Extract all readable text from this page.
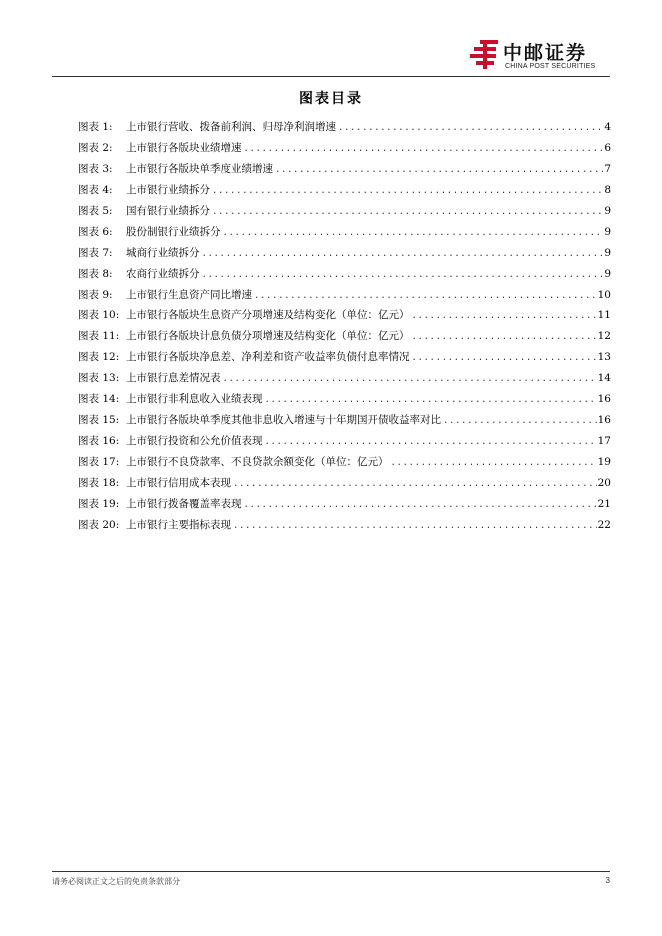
中邮证券
CHINA POST SECURITIES
图表目录
图表 1:	上市银行营收、拨备前利润、归母净利润增速 .....	4
图表 2:	上市银行各版块业绩增速 .....	6
图表 3:	上市银行各版块单季度业绩增速 .....	7
图表 4:	上市银行业绩拆分 .....	8
图表 5:	国有银行业绩拆分 .....	9
图表 6:	股份制银行业绩拆分 .....	9
图表 7:	城商行业绩拆分 .....	9
图表 8:	农商行业绩拆分 .....	9
图表 9:	上市银行生息资产同比增速 .....	10
图表 10: 上市银行各版块生息资产分项增速及结构变化（单位：亿元） .....	11
图表 11: 上市银行各版块计息负债分项增速及结构变化（单位：亿元） .....	12
图表 12: 上市银行各版块净息差、净利差和资产收益率负债付息率情况 .....	13
图表 13: 上市银行息差情况表 .....	14
图表 14: 上市银行非利息收入业绩表现 .....	16
图表 15: 上市银行各版块单季度其他非息收入增速与十年期国开债收益率对比 .....	16
图表 16: 上市银行投资和公允价值表现 .....	17
图表 17: 上市银行不良贷款率、不良贷款余额变化（单位：亿元） .....	19
图表 18: 上市银行信用成本表现 .....	20
图表 19: 上市银行拨备覆盖率表现 .....	21
图表 20: 上市银行主要指标表现 .....	22
请务必阅读正文之后的免责条款部分	3
